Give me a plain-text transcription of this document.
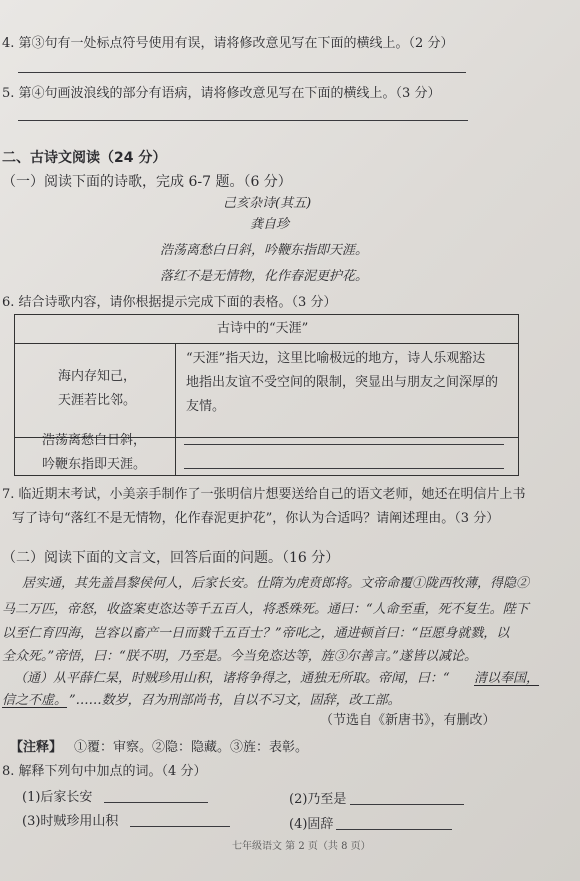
4. 第③句有一处标点符号使用有误，请将修改意见写在下面的横线上。（2 分）
5. 第④句画波浪线的部分有语病，请将修改意见写在下面的横线上。（3 分）
二、古诗文阅读（24 分）
（一）阅读下面的诗歌，完成 6-7 题。（6 分）
己亥杂诗(其五)
龚自珍
浩荡离愁白日斜，吟鞭东指即天涯。
落红不是无情物，化作春泥更护花。
6. 结合诗歌内容，请你根据提示完成下面的表格。（3 分）
古诗中的“天涯”
海内存知己，
天涯若比邻。
“天涯”指天边，这里比喻极远的地方，诗人乐观豁达
地指出友谊不受空间的限制，突显出与朋友之间深厚的
友情。
浩荡离愁白日斜，
吟鞭东指即天涯。
7. 临近期末考试，小美亲手制作了一张明信片想要送给自己的语文老师，她还在明信片上书
写了诗句“落红不是无情物，化作春泥更护花”，你认为合适吗？请阐述理由。（3 分）
（二）阅读下面的文言文，回答后面的问题。（16 分）
居实通，其先盖昌黎侯何人，后家长安。仕隋为虎贲郎将。文帝命覆①陇西牧薄，得隐②
马二万匹，帝怒，收盗案吏恣达等千五百人，将悉殊死。通曰：“人命至重，死不复生。陛下
以至仁育四海，岂容以畜产一日而戮千五百士？”帝叱之，通进顿首曰：“臣愿身就戮，以
全众死。”帝悟，曰：“朕不明，乃至是。今当免恣达等，旌③尔善言。”遂皆以减论。
（通）从平薛仁杲，时贼珍用山积，诸将争得之，通独无所取。帝闻，曰：“ 清以奉国，
信之不虚。 ”……数岁，召为刑部尚书，自以不习文，固辞，改工部。
（节选自《新唐书》，有删改）
【注释】 ①覆：审察。②隐：隐藏。③旌：表彰。
8. 解释下列句中加点的词。（4 分）
(1)后家长安	(2)乃至是
(3)时贼珍用山积	(4)固辞
七年级语文 第 2 页（共 8 页）
